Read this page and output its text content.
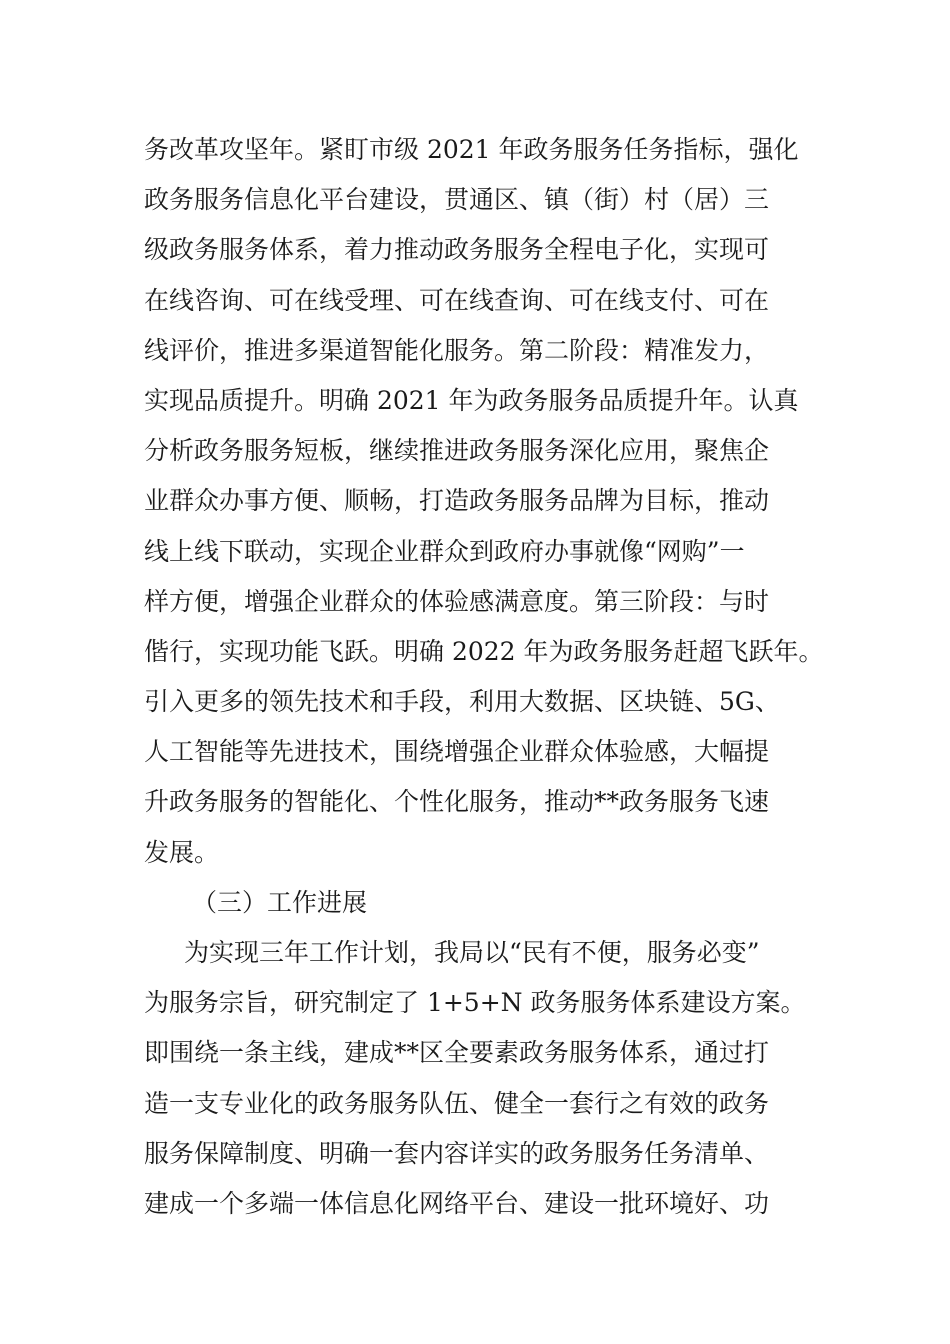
务改革攻坚年。紧盯市级 2021 年政务服务任务指标，强化
政务服务信息化平台建设，贯通区、镇（街）村（居）三
级政务服务体系，着力推动政务服务全程电子化，实现可
在线咨询、可在线受理、可在线查询、可在线支付、可在
线评价，推进多渠道智能化服务。第二阶段：精准发力，
实现品质提升。明确 2021 年为政务服务品质提升年。认真
分析政务服务短板，继续推进政务服务深化应用，聚焦企
业群众办事方便、顺畅，打造政务服务品牌为目标，推动
线上线下联动，实现企业群众到政府办事就像“网购”一
样方便，增强企业群众的体验感满意度。第三阶段：与时
偕行，实现功能飞跃。明确 2022 年为政务服务赶超飞跃年。
引入更多的领先技术和手段，利用大数据、区块链、5G、
人工智能等先进技术，围绕增强企业群众体验感，大幅提
升政务服务的智能化、个性化服务，推动**政务服务飞速
发展。
（三）工作进展
为实现三年工作计划，我局以“民有不便，服务必变”
为服务宗旨，研究制定了 1+5+N 政务服务体系建设方案。
即围绕一条主线，建成**区全要素政务服务体系，通过打
造一支专业化的政务服务队伍、健全一套行之有效的政务
服务保障制度、明确一套内容详实的政务服务任务清单、
建成一个多端一体信息化网络平台、建设一批环境好、功
